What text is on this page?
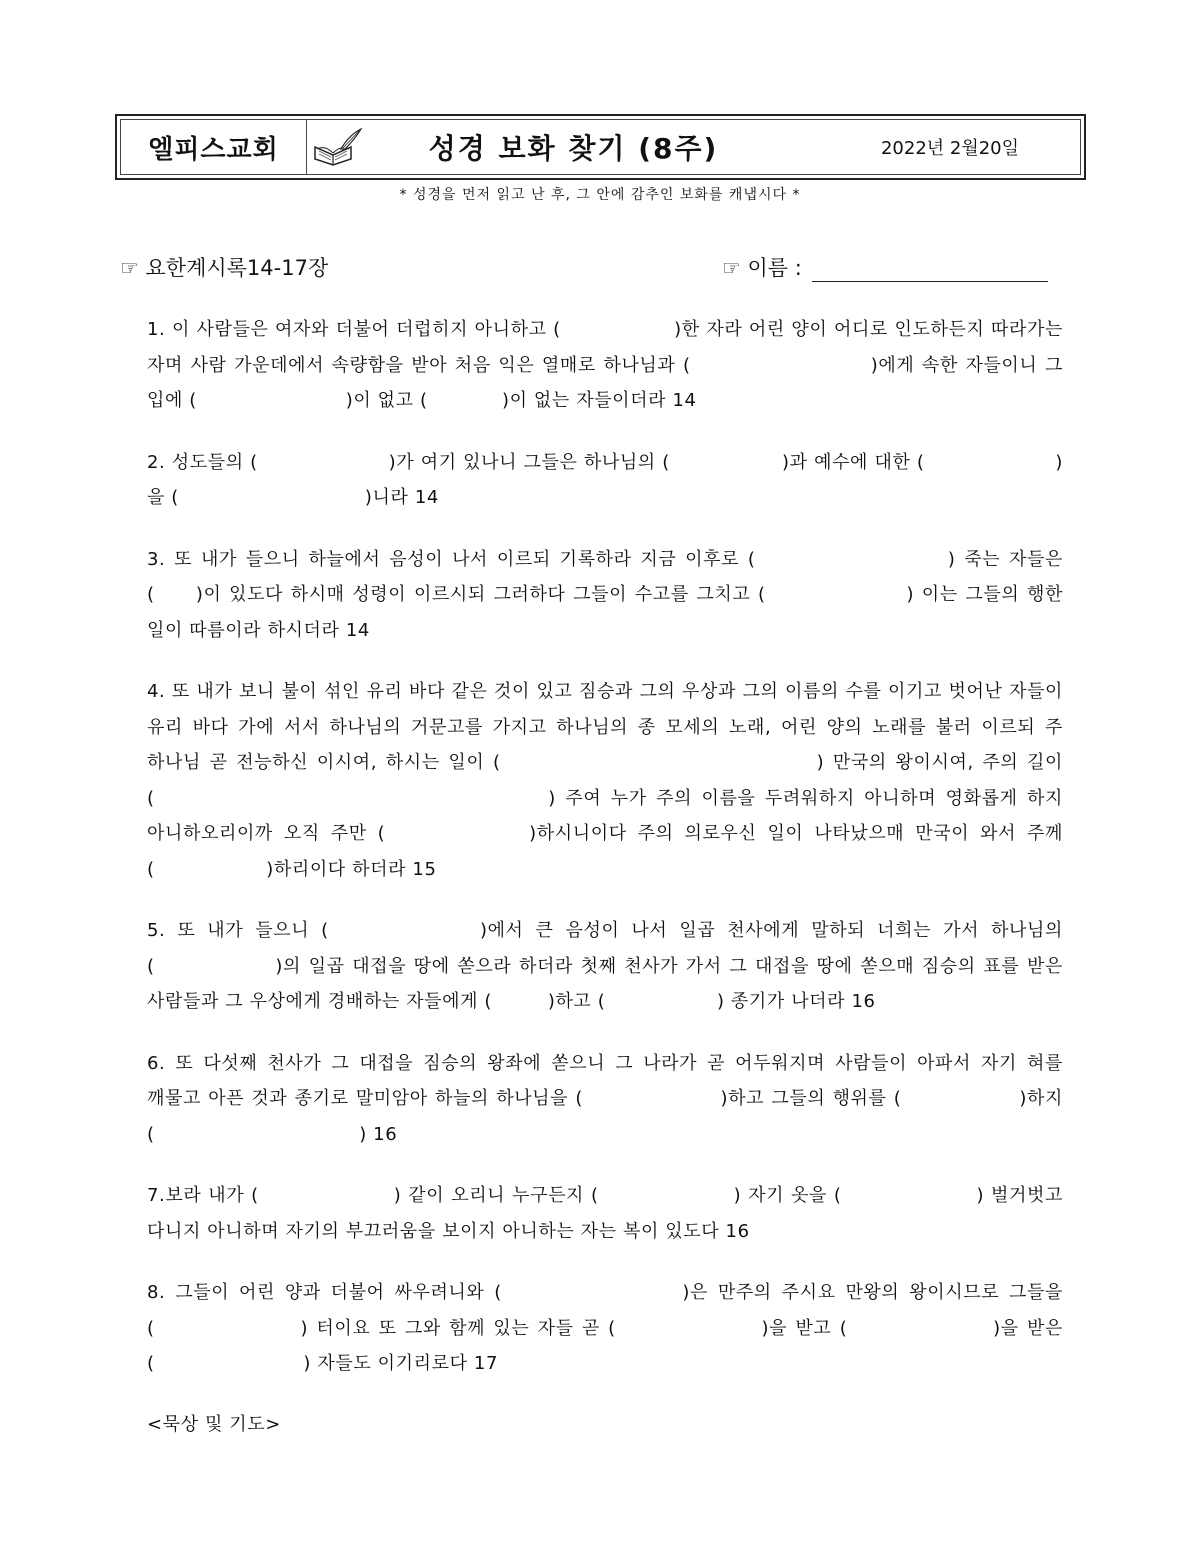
엘피스교회	성경 보화 찾기 (8주)	2022년 2월20일
* 성경을 먼저 읽고 난 후, 그 안에 감추인 보화를 캐냅시다 *
☞ 요한계시록14-17장	☞ 이름 :

1. 이 사람들은 여자와 더불어 더럽히지 아니하고 (　　　　　　)한 자라 어린 양이 어디로 인도하든지 따라가는 자며 사람 가운데에서 속량함을 받아 처음 익은 열매로 하나님과 (　　　　　　　　　)에게 속한 자들이니 그 입에 (　　　　　　　　)이 없고 (　　　　)이 없는 자들이더라 14

2. 성도들의 (　　　　　　　)가 여기 있나니 그들은 하나님의 (　　　　　　)과 예수에 대한 (　　　　　　　)을 (　　　　　　　　　　)니라 14

3. 또 내가 들으니 하늘에서 음성이 나서 이르되 기록하라 지금 이후로 (　　　　　　　　　) 죽는 자들은 (　　)이 있도다 하시매 성령이 이르시되 그러하다 그들이 수고를 그치고 (　　　　　　　) 이는 그들의 행한 일이 따름이라 하시더라 14

4. 또 내가 보니 불이 섞인 유리 바다 같은 것이 있고 짐승과 그의 우상과 그의 이름의 수를 이기고 벗어난 자들이 유리 바다 가에 서서 하나님의 거문고를 가지고 하나님의 종 모세의 노래, 어린 양의 노래를 불러 이르되 주 하나님 곧 전능하신 이시여, 하시는 일이 (　　　　　　　　　　　　　　　) 만국의 왕이시여, 주의 길이 (　　　　　　　　　　　　　　　　　　) 주여 누가 주의 이름을 두려워하지 아니하며 영화롭게 하지 아니하오리이까 오직 주만 (　　　　　　)하시니이다 주의 의로우신 일이 나타났으매 만국이 와서 주께 (　　　　　　)하리이다 하더라 15

5. 또 내가 들으니 (　　　　　　)에서 큰 음성이 나서 일곱 천사에게 말하되 너희는 가서 하나님의 (　　　　　　)의 일곱 대접을 땅에 쏟으라 하더라 첫째 천사가 가서 그 대접을 땅에 쏟으매 짐승의 표를 받은 사람들과 그 우상에게 경배하는 자들에게 (　　　)하고 (　　　　　　) 종기가 나더라 16

6. 또 다섯째 천사가 그 대접을 짐승의 왕좌에 쏟으니 그 나라가 곧 어두워지며 사람들이 아파서 자기 혀를 깨물고 아픈 것과 종기로 말미암아 하늘의 하나님을 (　　　　　　　)하고 그들의 행위를 (　　　　　　)하지 (　　　　　　　　　　　) 16

7.보라 내가 (　　　　　　　) 같이 오리니 누구든지 (　　　　　　　) 자기 옷을 (　　　　　　　) 벌거벗고 다니지 아니하며 자기의 부끄러움을 보이지 아니하는 자는 복이 있도다 16

8. 그들이 어린 양과 더불어 싸우려니와 (　　　　　　　　)은 만주의 주시요 만왕의 왕이시므로 그들을 (　　　　　　　) 터이요 또 그와 함께 있는 자들 곧 (　　　　　　　)을 받고 (　　　　　　　)을 받은 (　　　　　　　　) 자들도 이기리로다 17

<묵상 및 기도>
